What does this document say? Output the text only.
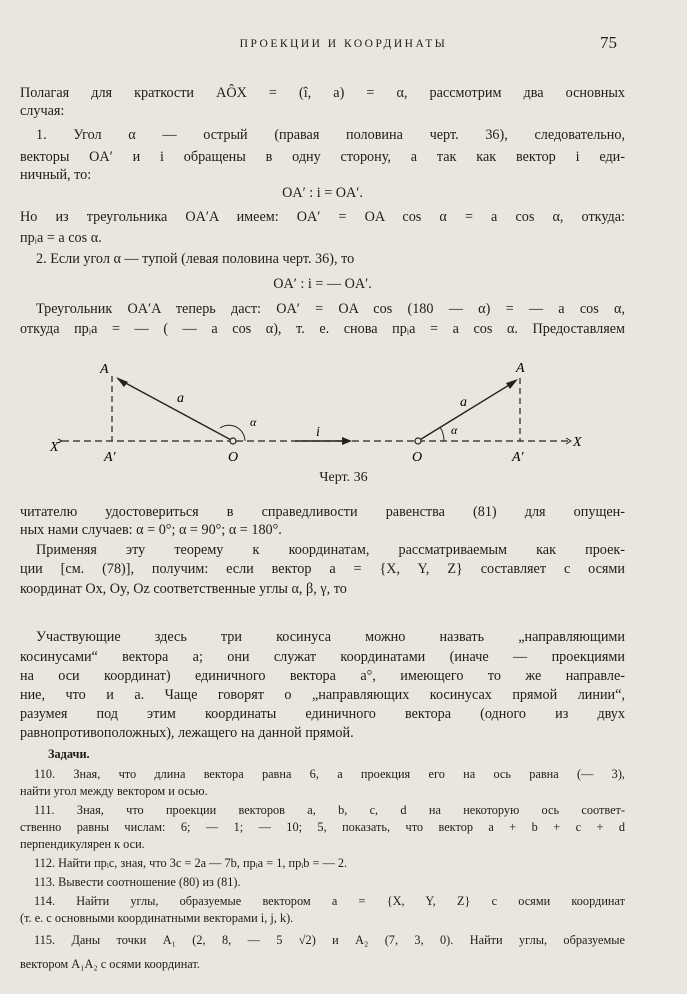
ПРОЕКЦИИ И КООРДИНАТЫ	75
Полагая для краткости AÔX = (î, a) = α, рассмотрим два основных
случая:
1. Угол α — острый (правая половина черт. 36), следовательно,
векторы OA′ и i обращены в одну сторону, а так как вектор i еди-
ничный, то:
OA′ : i = OA′.
Но из треугольника OA′A имеем: OA′ = OA cos α = a cos α, откуда:
прᵢa = a cos α.
2. Если угол α — тупой (левая половина черт. 36), то
OA′ : i = — OA′.
Треугольник OA′A теперь даст: OA′ = OA cos (180 — α) = — a cos α,
откуда прᵢa = — ( — a cos α), т. е. снова прᵢa = a cos α. Предоставляем
A
a
α
X
A′	O
i
A
a
α
O	A′
X
Черт. 36
читателю удостовериться в справедливости равенства (81) для опущен-
ных нами случаев: α = 0°; α = 90°; α = 180°.
Применяя эту теорему к координатам, рассматриваемым как проек-
ции [см. (78)], получим: если вектор a = {X, Y, Z} составляет с осями
координат Ox, Oy, Oz соответственные углы α, β, γ, то
Участвующие здесь три косинуса можно назвать „направляющими
косинусами“ вектора a; они служат координатами (иначе — проекциями
на оси координат) единичного вектора a°, имеющего то же направле-
ние, что и a. Чаще говорят о „направляющих косинусах прямой линии“,
разумея под этим координаты единичного вектора (одного из двух
равнопротивоположных), лежащего на данной прямой.
Задачи.
110. Зная, что длина вектора равна 6, а проекция его на ось равна (— 3),
найти угол между вектором и осью.
111. Зная, что проекции векторов a, b, c, d на некоторую ось соответ-
ственно равны числам: 6; — 1; — 10; 5, показать, что вектор a + b + c + d
перпендикулярен к оси.
112. Найти прᵢc, зная, что 3c = 2a — 7b, прᵢa = 1, прᵢb = — 2.
113. Вывести соотношение (80) из (81).
114. Найти углы, образуемые вектором a = {X, Y, Z} с осями координат
(т. е. с основными координатными векторами i, j, k).
115. Даны точки A₁ (2, 8, — 5 √2) и A₂ (7, 3, 0). Найти углы, образуемые
вектором A₁A₂ с осями координат.
